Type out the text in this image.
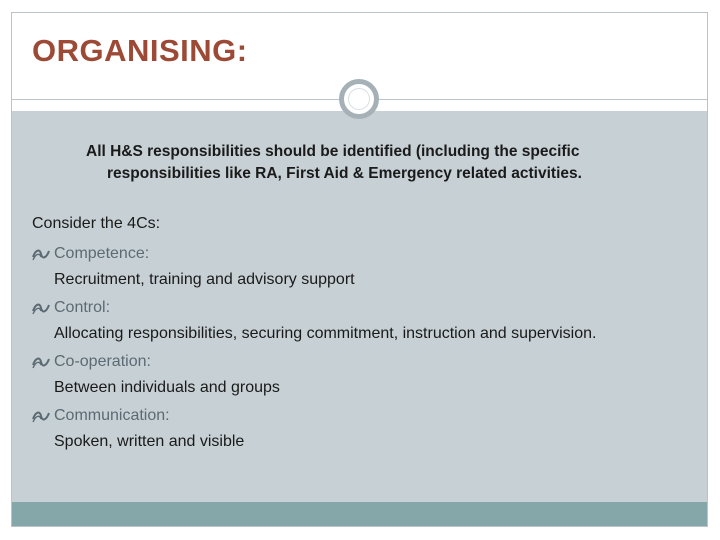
ORGANISING:
All H&S responsibilities should be identified (including the specific
responsibilities like RA, First Aid & Emergency related activities.
Consider the 4Cs:
Competence:
Recruitment, training and advisory support
Control:
Allocating responsibilities, securing commitment, instruction and supervision.
Co-operation:
Between individuals and groups
Communication:
Spoken, written and visible
